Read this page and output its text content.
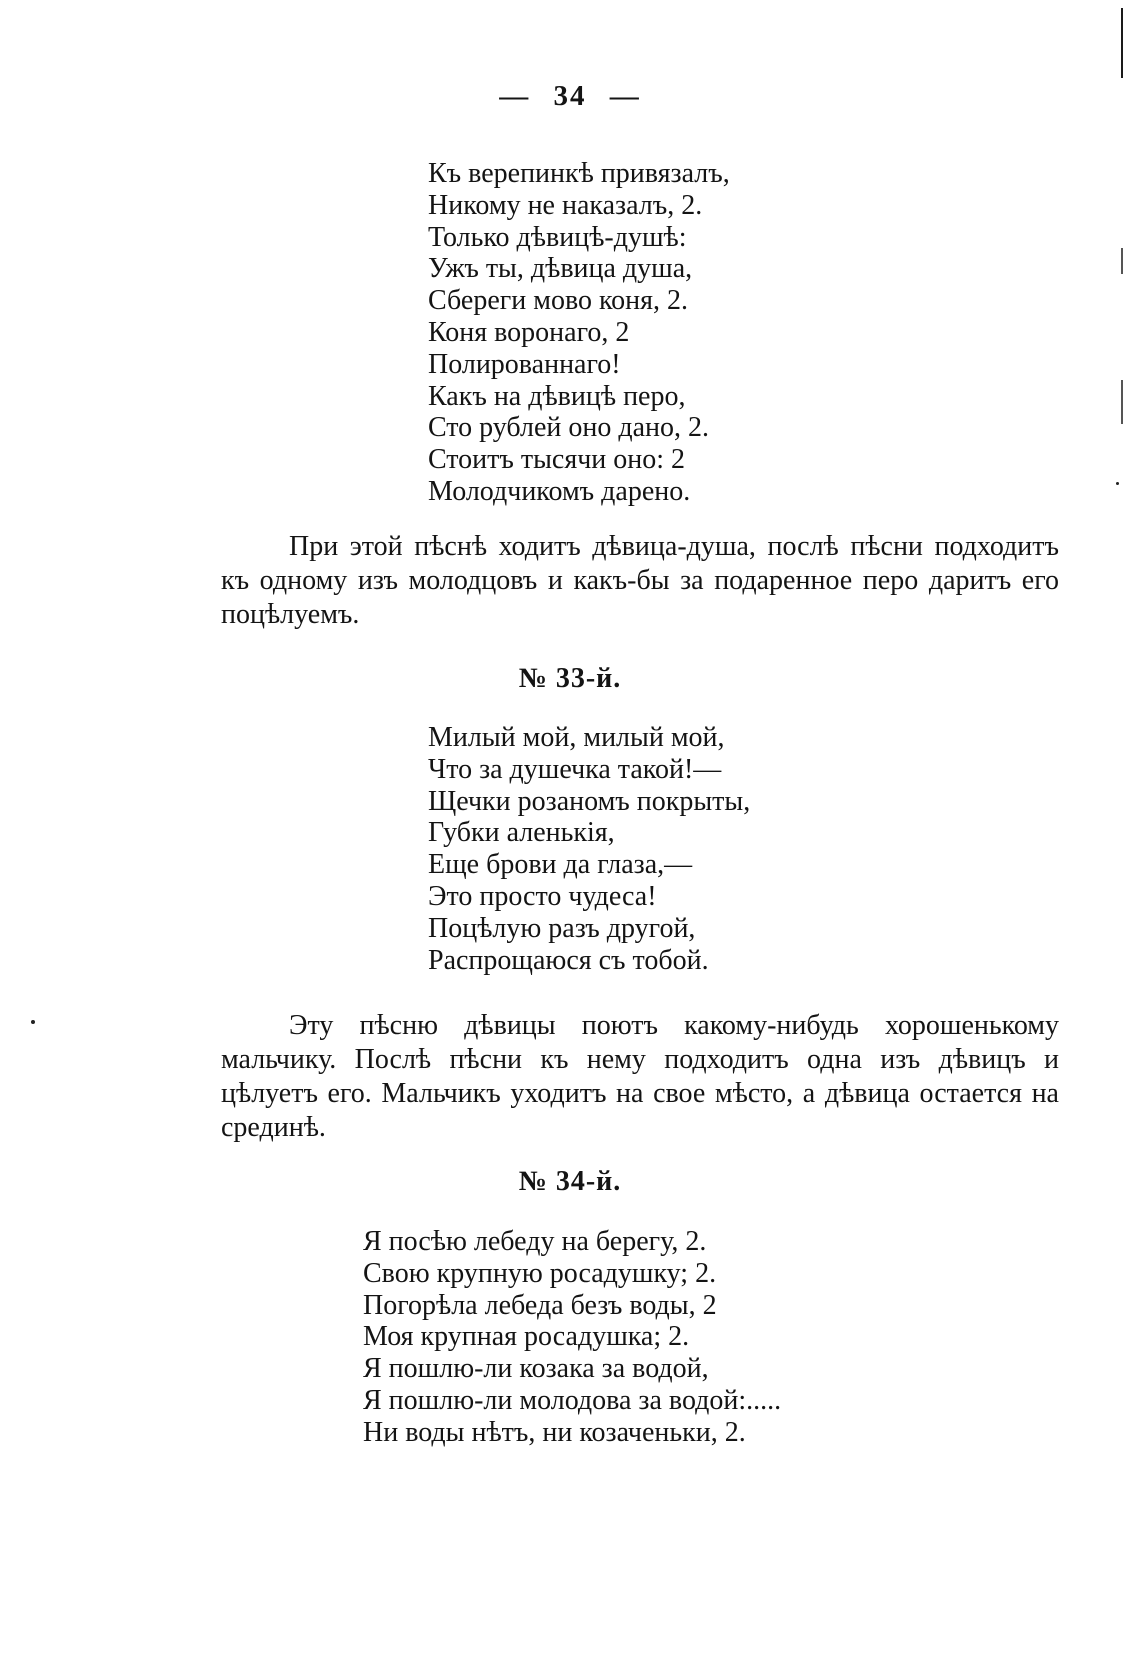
— 34 —
Къ верепинкѣ привязалъ,
Никому не наказалъ, 2.
Только дѣвицѣ-душѣ:
Ужъ ты, дѣвица душа,
Сбереги мово коня, 2.
Коня воронаго, 2
Полированнаго!
Какъ на дѣвицѣ перо,
Сто рублей оно дано, 2.
Стоитъ тысячи оно: 2
Молодчикомъ дарено.

При этой пѣснѣ ходитъ дѣвица-душа, послѣ пѣсни подходитъ къ одному изъ молодцовъ и какъ-бы за подаренное перо даритъ его поцѣлуемъ.

№ 33-й.
Милый мой, милый мой,
Что за душечка такой!—
Щечки розаномъ покрыты,
Губки аленькія,
Еще брови да глаза,—
Это просто чудеса!
Поцѣлую разъ другой,
Распрощаюся съ тобой.

Эту пѣсню дѣвицы поютъ какому-нибудь хорошенькому мальчику. Послѣ пѣсни къ нему подходитъ одна изъ дѣвицъ и цѣлуетъ его. Мальчикъ уходитъ на свое мѣсто, а дѣвица остается на срединѣ.

№ 34-й.
Я посѣю лебеду на берегу, 2.
Свою крупную росадушку; 2.
Погорѣла лебеда безъ воды, 2
Моя крупная росадушка; 2.
Я пошлю-ли козака за водой,
Я пошлю-ли молодова за водой:.....
Ни воды нѣтъ, ни козаченьки, 2.
